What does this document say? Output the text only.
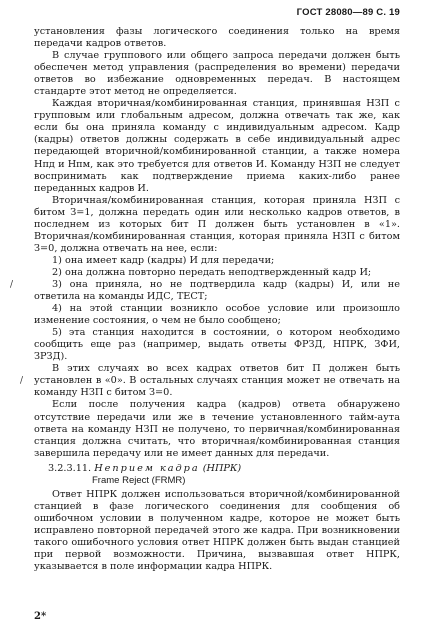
ГОСТ 28080—89 С. 19

установления фазы логического соединения только на время передачи кадров ответов.

В случае группового или общего запроса передачи должен быть обеспечен метод управления (распределения во времени) передачи ответов во избежание одновременных передач. В настоящем стандарте этот метод не определяется.

Каждая вторичная/комбинированная станция, принявшая НЗП с групповым или глобальным адресом, должна отвечать так же, как если бы она приняла команду с индивидуальным адресом. Кадр (кадры) ответов должны содержать в себе индивидуальный адрес передающей вторичной/комбинированной станции, а также номера Нпд и Нпм, как это требуется для ответов И. Команду НЗП не следует воспринимать как подтверждение приема каких-либо ранее переданных кадров И.

Вторичная/комбинированная станция, которая приняла НЗП с битом З=1, должна передать один или несколько кадров ответов, в последнем из которых бит П должен быть установлен в «1». Вторичная/комбинированная станция, которая приняла НЗП с битом З=0, должна отвечать на нее, если:

1) она имеет кадр (кадры) И для передачи;

2) она должна повторно передать неподтвержденный кадр И;

3) она приняла, но не подтвердила кадр (кадры) И, или не ответила на команды ИДС, ТЕСТ;

4) на этой станции возникло особое условие или произошло изменение состояния, о чем не было сообщено;

5) эта станция находится в состоянии, о котором необходимо сообщить еще раз (например, выдать ответы ФРЗД, НПРК, ЗФИ, ЗРЗД).

В этих случаях во всех кадрах ответов бит П должен быть установлен в «0». В остальных случаях станция может не отвечать на команду НЗП с битом З=0.

Если после получения кадра (кадров) ответа обнаружено отсутствие передачи или же в течение установленного тайм-аута ответа на команду НЗП не получено, то первичная/комбинированная станция должна считать, что вторичная/комбинированная станция завершила передачу или не имеет данных для передачи.

3.2.3.11. Неприем кадра (НПРК)
Frame Reject (FRMR)

Ответ НПРК должен использоваться вторичной/комбинированной станцией в фазе логического соединения для сообщения об ошибочном условии в полученном кадре, которое не может быть исправлено повторной передачей этого же кадра. При возникновении такого ошибочного условия ответ НПРК должен быть выдан станцией при первой возможности. Причина, вызвавшая ответ НПРК, указывается в поле информации кадра НПРК.

/
/
2*
